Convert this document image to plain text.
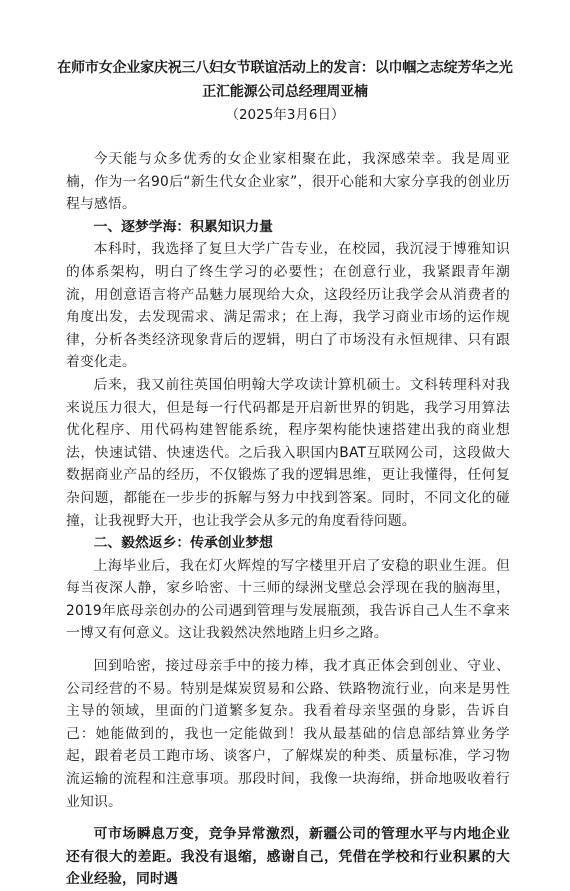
在师市女企业家庆祝三八妇女节联谊活动上的发言：以巾帼之志绽芳华之光
正汇能源公司总经理周亚楠
（2025年3月6日）

今天能与众多优秀的女企业家相聚在此，我深感荣幸。我是周亚楠，作为一名90后“新生代女企业家”，很开心能和大家分享我的创业历程与感悟。

一、逐梦学海：积累知识力量

本科时，我选择了复旦大学广告专业，在校园，我沉浸于博雅知识的体系架构，明白了终生学习的必要性；在创意行业，我紧跟青年潮流，用创意语言将产品魅力展现给大众，这段经历让我学会从消费者的角度出发，去发现需求、满足需求；在上海，我学习商业市场的运作规律，分析各类经济现象背后的逻辑，明白了市场没有永恒规律、只有跟着变化走。

后来，我又前往英国伯明翰大学攻读计算机硕士。文科转理科对我来说压力很大，但是每一行代码都是开启新世界的钥匙，我学习用算法优化程序、用代码构建智能系统，程序架构能快速搭建出我的商业想法，快速试错、快速迭代。之后我入职国内BAT互联网公司，这段做大数据商业产品的经历，不仅锻炼了我的逻辑思维，更让我懂得，任何复杂问题，都能在一步步的拆解与努力中找到答案。同时，不同文化的碰撞，让我视野大开，也让我学会从多元的角度看待问题。

二、毅然返乡：传承创业梦想

上海毕业后，我在灯火辉煌的写字楼里开启了安稳的职业生涯。但每当夜深人静，家乡哈密、十三师的绿洲戈壁总会浮现在我的脑海里，2019年底母亲创办的公司遇到管理与发展瓶颈，我告诉自己人生不拿来一博又有何意义。这让我毅然决然地踏上归乡之路。

回到哈密，接过母亲手中的接力棒，我才真正体会到创业、守业、公司经营的不易。特别是煤炭贸易和公路、铁路物流行业，向来是男性主导的领域，里面的门道繁多复杂。我看着母亲坚强的身影，告诉自己：她能做到的，我也一定能做到！我从最基础的信息部结算业务学起，跟着老员工跑市场、谈客户，了解煤炭的种类、质量标准，学习物流运输的流程和注意事项。那段时间，我像一块海绵，拼命地吸收着行业知识。

可市场瞬息万变，竞争异常激烈，新疆公司的管理水平与内地企业还有很大的差距。我没有退缩，感谢自己，凭借在学校和行业积累的大企业经验，同时遇
